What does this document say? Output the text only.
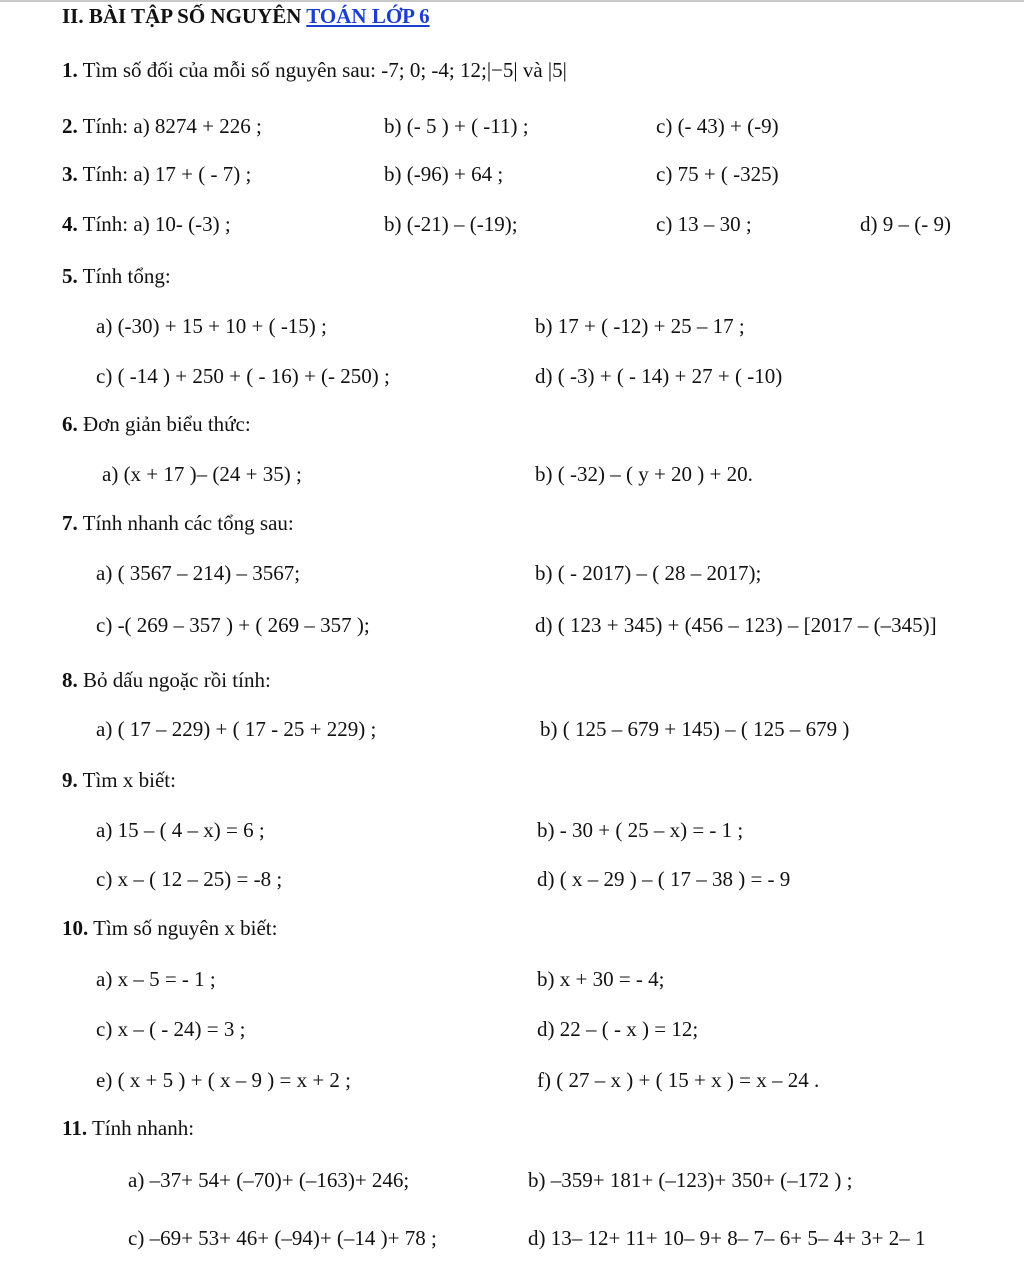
II. BÀI TẬP SỐ NGUYÊN TOÁN LỚP 6
1. Tìm số đối của mỗi số nguyên sau: -7; 0; -4; 12;|−5| và |5|
2. Tính: a) 8274 + 226 ;	b) (- 5 ) + ( -11) ;	c) (- 43) + (-9)
3. Tính: a) 17 + ( - 7) ;	b) (-96) + 64 ;	c) 75 + ( -325)
4. Tính: a) 10- (-3) ;	b) (-21) – (-19);	c) 13 – 30 ;	d) 9 – (- 9)
5. Tính tổng:
a) (-30) + 15 + 10 + ( -15) ;	b) 17 + ( -12) + 25 – 17 ;
c) ( -14 ) + 250 + ( - 16) + (- 250) ;	d) ( -3) + ( - 14) + 27 + ( -10)
6. Đơn giản biểu thức:
a) (x + 17 )– (24 + 35) ;	b) ( -32) – ( y + 20 ) + 20.
7. Tính nhanh các tổng sau:
a) ( 3567 – 214) – 3567;	b) ( - 2017) – ( 28 – 2017);
c) -( 269 – 357 ) + ( 269 – 357 );	d) ( 123 + 345) + (456 – 123) – [2017 – (–345)]
8. Bỏ dấu ngoặc rồi tính:
a) ( 17 – 229) + ( 17 - 25 + 229) ;	b) ( 125 – 679 + 145) – ( 125 – 679 )
9. Tìm x biết:
a) 15 – ( 4 – x) = 6 ;	b) - 30 + ( 25 – x) = - 1 ;
c) x – ( 12 – 25) = -8 ;	d) ( x – 29 ) – ( 17 – 38 ) = - 9
10. Tìm số nguyên x biết:
a) x – 5 = - 1 ;	b) x + 30 = - 4;
c) x – ( - 24) = 3 ;	d) 22 – ( - x ) = 12;
e) ( x + 5 ) + ( x – 9 ) = x + 2 ;	f) ( 27 – x ) + ( 15 + x ) = x – 24 .
11. Tính nhanh:
a) –37+ 54+ (–70)+ (–163)+ 246;	b) –359+ 181+ (–123)+ 350+ (–172 ) ;
c) –69+ 53+ 46+ (–94)+ (–14 )+ 78 ;	d) 13– 12+ 11+ 10– 9+ 8– 7– 6+ 5– 4+ 3+ 2– 1
